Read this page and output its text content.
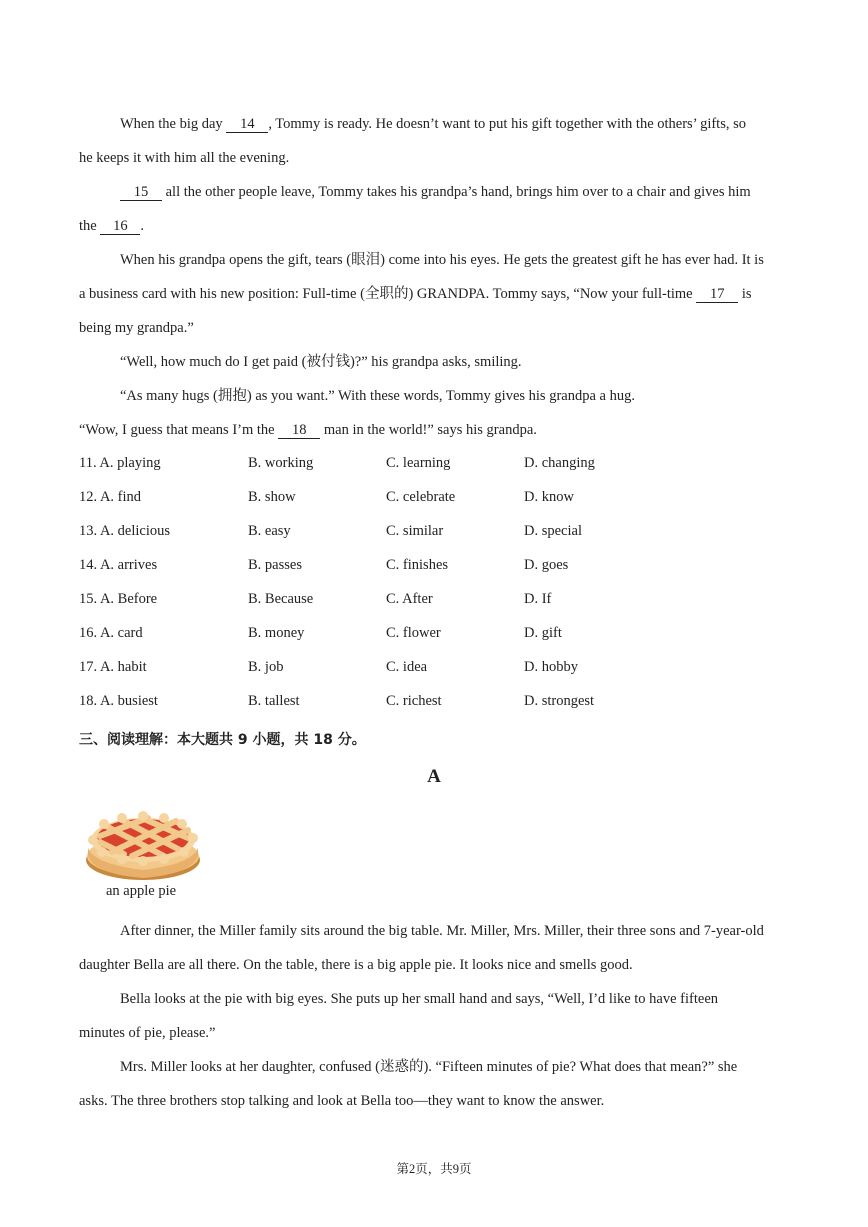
When the big day 14 , Tommy is ready. He doesn’t want to put his gift together with the others’ gifts, so
he keeps it with him all the evening.
15 all the other people leave, Tommy takes his grandpa’s hand, brings him over to a chair and gives him
the 16 .
When his grandpa opens the gift, tears (眼泪) come into his eyes. He gets the greatest gift he has ever had. It is
a business card with his new position: Full-time (全职的) GRANDPA. Tommy says, “Now your full-time 17 is
being my grandpa.”
“Well, how much do I get paid (被付钱)?” his grandpa asks, smiling.
“As many hugs (拥抱) as you want.” With these words, Tommy gives his grandpa a hug.
“Wow, I guess that means I’m the 18 man in the world!” says his grandpa.
11. A. playing	B. working	C. learning	D. changing
12. A. find	B. show	C. celebrate	D. know
13. A. delicious	B. easy	C. similar	D. special
14. A. arrives	B. passes	C. finishes	D. goes
15. A. Before	B. Because	C. After	D. If
16. A. card	B. money	C. flower	D. gift
17. A. habit	B. job	C. idea	D. hobby
18. A. busiest	B. tallest	C. richest	D. strongest
三、阅读理解：本大题共 9 小题，共 18 分。
A
an apple pie
After dinner, the Miller family sits around the big table. Mr. Miller, Mrs. Miller, their three sons and 7-year-old
daughter Bella are all there. On the table, there is a big apple pie. It looks nice and smells good.
Bella looks at the pie with big eyes. She puts up her small hand and says, “Well, I’d like to have fifteen
minutes of pie, please.”
Mrs. Miller looks at her daughter, confused (迷惑的). “Fifteen minutes of pie? What does that mean?” she
asks. The three brothers stop talking and look at Bella too—they want to know the answer.
第2页，共9页
